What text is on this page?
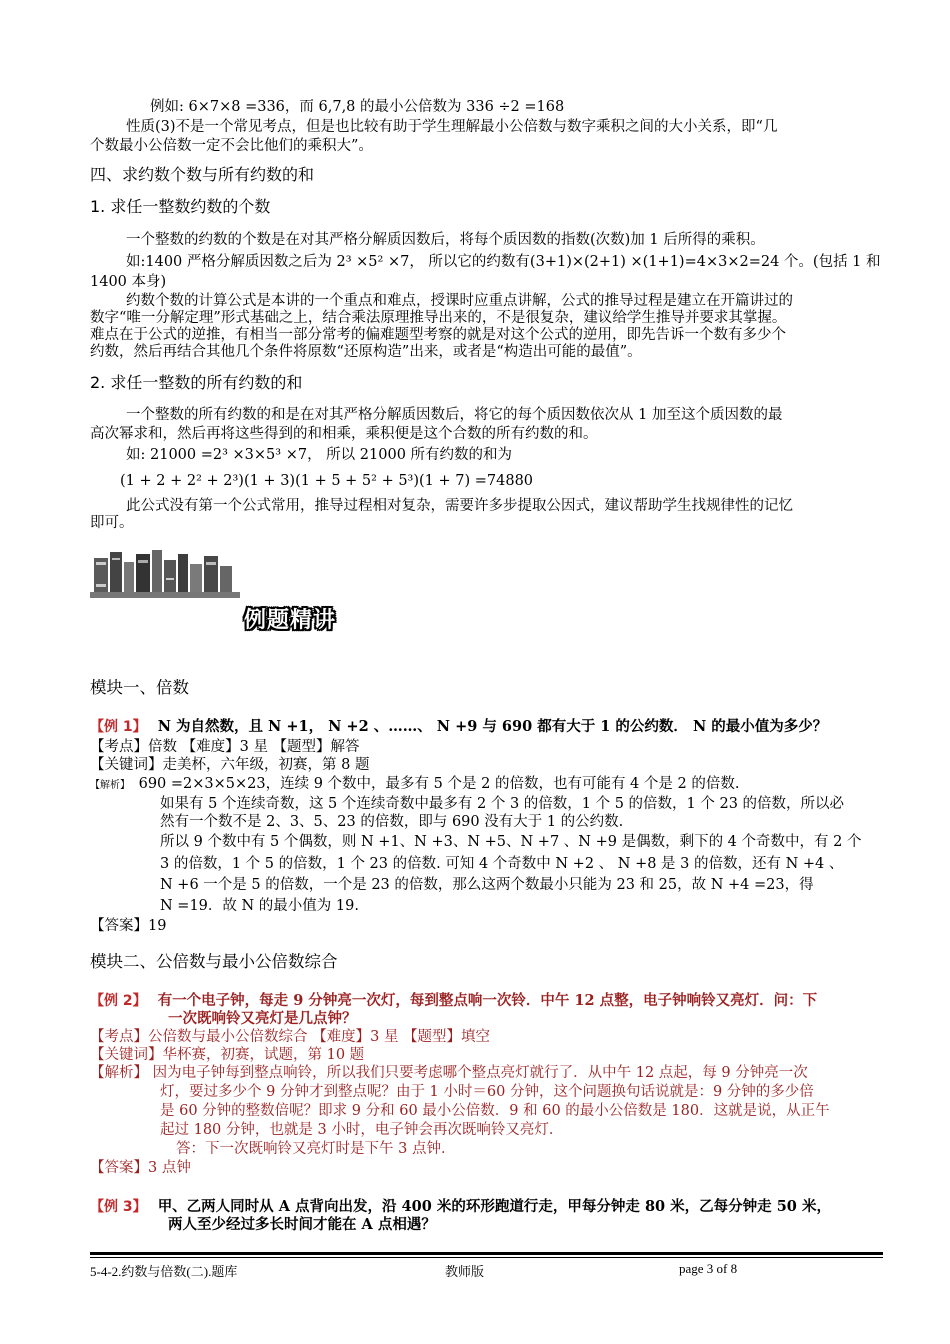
例如: 6×7×8 =336，而 6,7,8 的最小公倍数为 336 ÷2 =168
性质(3)不是一个常见考点，但是也比较有助于学生理解最小公倍数与数字乘积之间的大小关系，即“几
个数最小公倍数一定不会比他们的乘积大”。
四、求约数个数与所有约数的和
1. 求任一整数约数的个数
一个整数的约数的个数是在对其严格分解质因数后，将每个质因数的指数(次数)加 1 后所得的乘积。
如:1400 严格分解质因数之后为 2³ ×5² ×7， 所以它的约数有(3+1)×(2+1) ×(1+1)=4×3×2=24 个。(包括 1 和
1400 本身)
约数个数的计算公式是本讲的一个重点和难点，授课时应重点讲解，公式的推导过程是建立在开篇讲过的
数字“唯一分解定理”形式基础之上，结合乘法原理推导出来的，不是很复杂，建议给学生推导并要求其掌握。
难点在于公式的逆推，有相当一部分常考的偏难题型考察的就是对这个公式的逆用，即先告诉一个数有多少个
约数，然后再结合其他几个条件将原数“还原构造”出来，或者是“构造出可能的最值”。
2. 求任一整数的所有约数的和
一个整数的所有约数的和是在对其严格分解质因数后，将它的每个质因数依次从 1 加至这个质因数的最
高次幂求和，然后再将这些得到的和相乘，乘积便是这个合数的所有约数的和。
如: 21000 =2³ ×3×5³ ×7， 所以 21000 所有约数的和为
(1 + 2 + 2² + 2³)(1 + 3)(1 + 5 + 5² + 5³)(1 + 7) =74880
此公式没有第一个公式常用，推导过程相对复杂，需要许多步提取公因式，建议帮助学生找规律性的记忆
即可。
例题精讲
模块一、倍数
【例 1】 N 为自然数，且 N +1， N +2 、……、 N +9 与 690 都有大于 1 的公约数． N 的最小值为多少？
【考点】倍数 【难度】3 星 【题型】解答
【关键词】走美杯，六年级，初赛，第 8 题
【解析】 690 =2×3×5×23，连续 9 个数中，最多有 5 个是 2 的倍数，也有可能有 4 个是 2 的倍数.
如果有 5 个连续奇数，这 5 个连续奇数中最多有 2 个 3 的倍数，1 个 5 的倍数，1 个 23 的倍数，所以必
然有一个数不是 2、3、5、23 的倍数，即与 690 没有大于 1 的公约数.
所以 9 个数中有 5 个偶数，则 N +1、N +3、N +5、N +7 、N +9 是偶数，剩下的 4 个奇数中，有 2 个
3 的倍数，1 个 5 的倍数，1 个 23 的倍数. 可知 4 个奇数中 N +2 、 N +8 是 3 的倍数，还有 N +4 、
N +6 一个是 5 的倍数，一个是 23 的倍数，那么这两个数最小只能为 23 和 25，故 N +4 =23，得
N =19．故 N 的最小值为 19.
【答案】19
模块二、公倍数与最小公倍数综合
【例 2】 有一个电子钟，每走 9 分钟亮一次灯，每到整点响一次铃．中午 12 点整，电子钟响铃又亮灯．问：下
一次既响铃又亮灯是几点钟？
【考点】公倍数与最小公倍数综合 【难度】3 星 【题型】填空
【关键词】华杯赛，初赛，试题，第 10 题
【解析】 因为电子钟每到整点响铃，所以我们只要考虑哪个整点亮灯就行了．从中午 12 点起，每 9 分钟亮一次
灯，要过多少个 9 分钟才到整点呢？由于 1 小时＝60 分钟，这个问题换句话说就是：9 分钟的多少倍
是 60 分钟的整数倍呢？即求 9 分和 60 最小公倍数．9 和 60 的最小公倍数是 180．这就是说，从正午
起过 180 分钟，也就是 3 小时，电子钟会再次既响铃又亮灯．
答：下一次既响铃又亮灯时是下午 3 点钟．
【答案】3 点钟
【例 3】 甲、乙两人同时从 A 点背向出发，沿 400 米的环形跑道行走，甲每分钟走 80 米，乙每分钟走 50 米，
两人至少经过多长时间才能在 A 点相遇？
5-4-2.约数与倍数(二).题库	教师版	page 3 of 8
